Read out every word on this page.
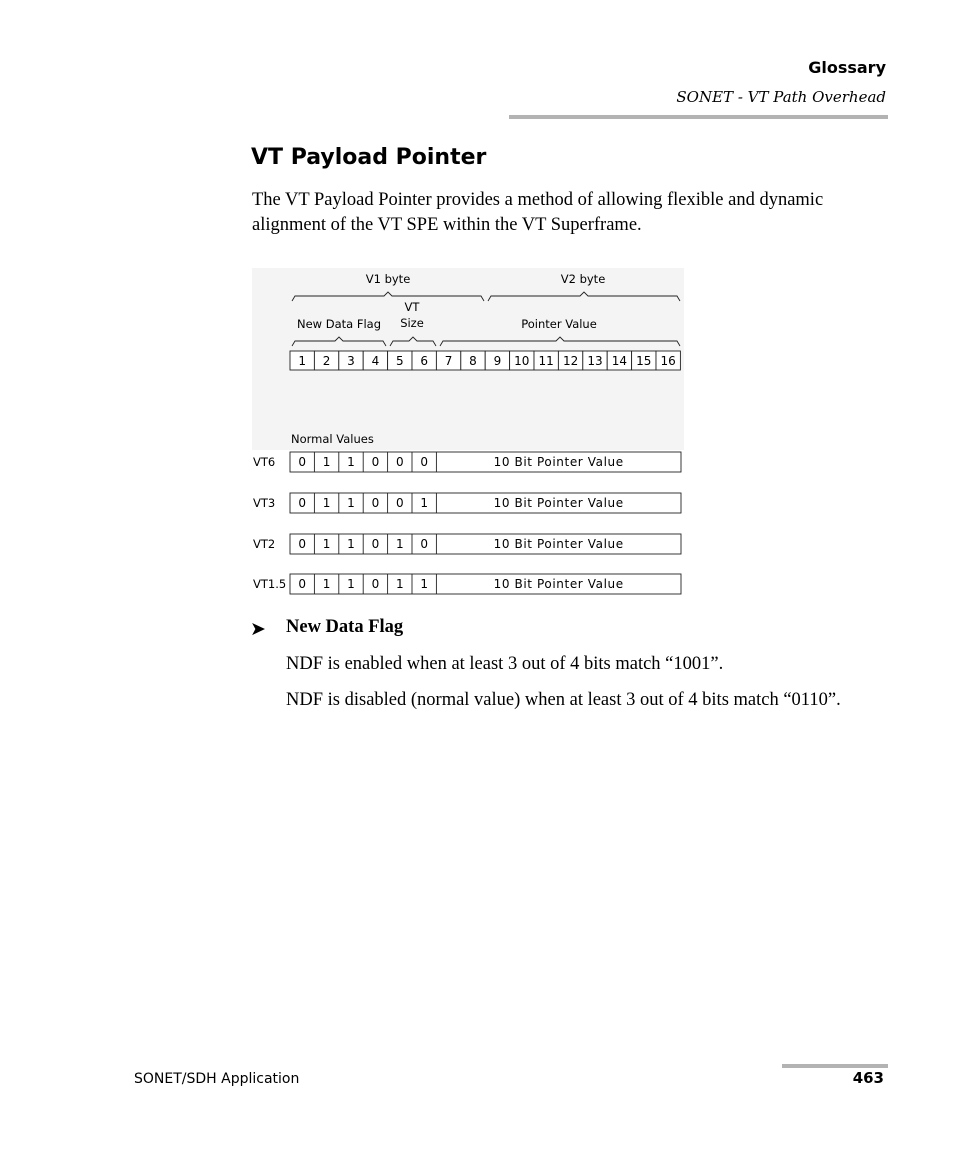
Glossary
SONET - VT Path Overhead
VT Payload Pointer
The VT Payload Pointer provides a method of allowing flexible and dynamic alignment of the VT SPE within the VT Superframe.
V1 byte	V2 byte
New Data Flag
VT
Size	Pointer Value
1 2 3 4 5 6 7 8 9 10 11 12 13 14 15 16
Normal Values
VT6 0 1 1 0 0 0	10 Bit Pointer Value
VT3 0 1 1 0 0 1	10 Bit Pointer Value
VT2 0 1 1 0 1 0	10 Bit Pointer Value
VT1.5 0 1 1 0 1 1	10 Bit Pointer Value
➤ New Data Flag
NDF is enabled when at least 3 out of 4 bits match “1001”.
NDF is disabled (normal value) when at least 3 out of 4 bits match “0110”.
SONET/SDH Application	463
